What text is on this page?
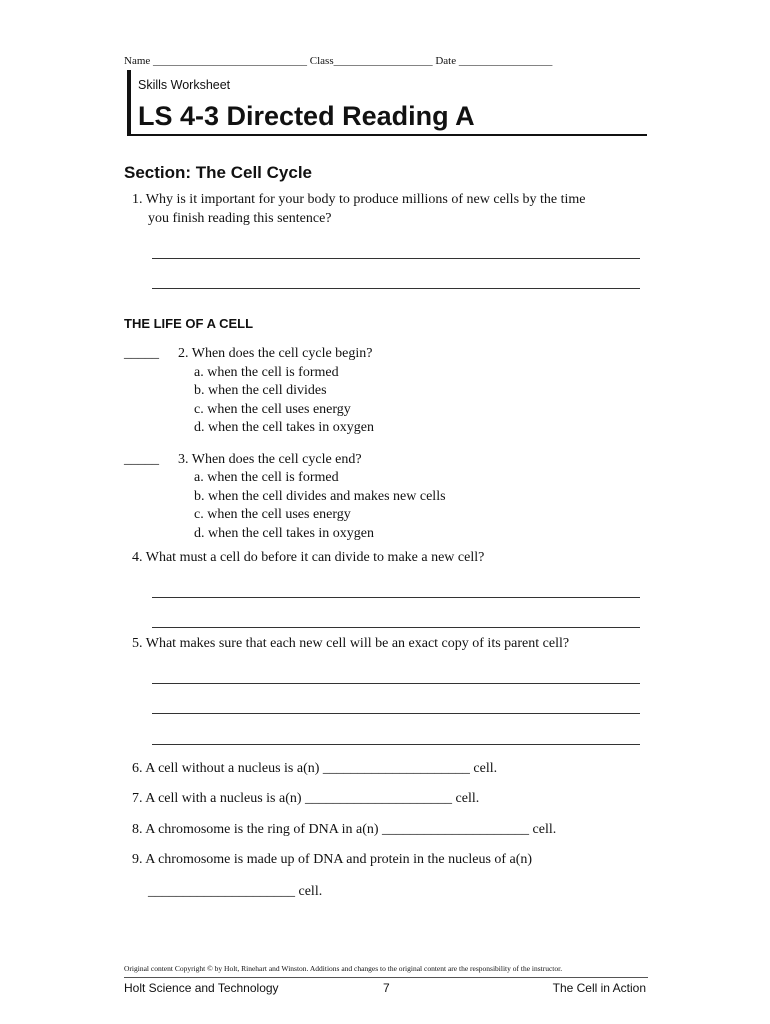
Name ____________________________ Class__________________ Date _________________
Skills Worksheet
LS 4-3 Directed Reading A
Section: The Cell Cycle
1. Why is it important for your body to produce millions of new cells by the time
you finish reading this sentence?
THE LIFE OF A CELL
_____ 2. When does the cell cycle begin?
a. when the cell is formed
b. when the cell divides
c. when the cell uses energy
d. when the cell takes in oxygen
_____ 3. When does the cell cycle end?
a. when the cell is formed
b. when the cell divides and makes new cells
c. when the cell uses energy
d. when the cell takes in oxygen
4. What must a cell do before it can divide to make a new cell?
5. What makes sure that each new cell will be an exact copy of its parent cell?
6. A cell without a nucleus is a(n) _____________________ cell.
7. A cell with a nucleus is a(n) _____________________ cell.
8. A chromosome is the ring of DNA in a(n) _____________________ cell.
9. A chromosome is made up of DNA and protein in the nucleus of a(n)
_____________________ cell.
Original content Copyright © by Holt, Rinehart and Winston. Additions and changes to the original content are the responsibility of the instructor.
Holt Science and Technology	7	The Cell in Action
